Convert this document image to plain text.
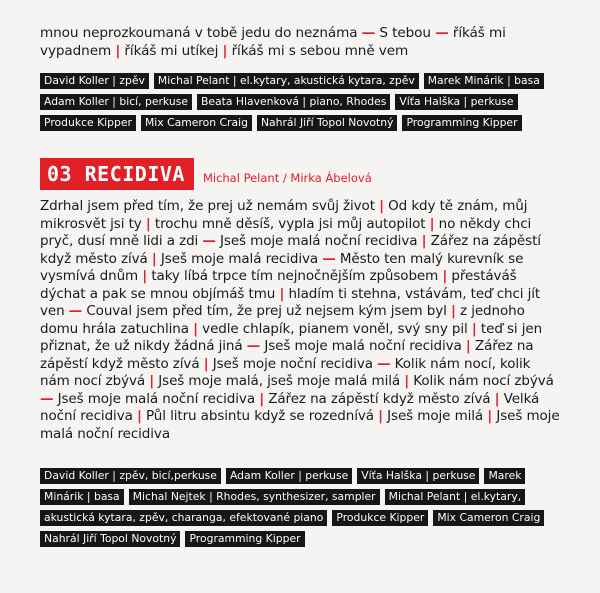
mnou neprozkoumaná v tobě jedu do neznáma — S tebou — říkáš mi vypadnem | říkáš mi utíkej | říkáš mi s sebou mně vem
David Koller | zpěv	Michal Pelant | el.kytary, akustická kytara, zpěv	Marek Minárik | basa
Adam Koller | bicí, perkuse	Beata Hlavenková | piano, Rhodes	Víťa Halška | perkuse
Produkce Kipper	Mix Cameron Craig	Nahrál Jiří Topol Novotný	Programming Kipper
03 RECIDIVA	Michal Pelant / Mirka Ábelová
Zdrhal jsem před tím, že prej už nemám svůj život | Od kdy tě znám, můj mikrosvět jsi ty | trochu mně děsíš, vypla jsi můj autopilot | no někdy chci pryč, dusí mně lidi a zdi — Jseš moje malá noční recidiva | Zářez na zápěstí když město zívá | Jseš moje malá recidiva — Město ten malý kurevník se vysmívá dnům | taky líbá trpce tím nejnočnějším způsobem | přestáváš dýchat a pak se mnou objímáš tmu | hladím ti stehna, vstávám, teď chci jít ven — Couval jsem před tím, že prej už nejsem kým jsem byl | z jednoho domu hrála zatuchlina | vedle chlapík, pianem voněl, svý sny pil | teď si jen přiznat, že už nikdy žádná jiná — Jseš moje malá noční recidiva | Zářez na zápěstí když město zívá | Jseš moje noční recidiva — Kolik nám nocí, kolik nám nocí zbývá | Jseš moje malá, jseš moje malá milá | Kolik nám nocí zbývá — Jseš moje malá noční recidiva | Zářez na zápěstí když město zívá | Velká noční recidiva | Půl litru absintu když se rozednívá | Jseš moje milá | Jseš moje malá noční recidiva
David Koller | zpěv, bicí,perkuse	Adam Koller | perkuse	Víťa Halška | perkuse	Marek
Minárik | basa	Michal Nejtek | Rhodes, synthesizer, sampler	Michal Pelant | el.kytary,
akustická kytara, zpěv, charanga, efektované piano	Produkce Kipper	Mix Cameron Craig
Nahrál Jiří Topol Novotný	Programming Kipper
